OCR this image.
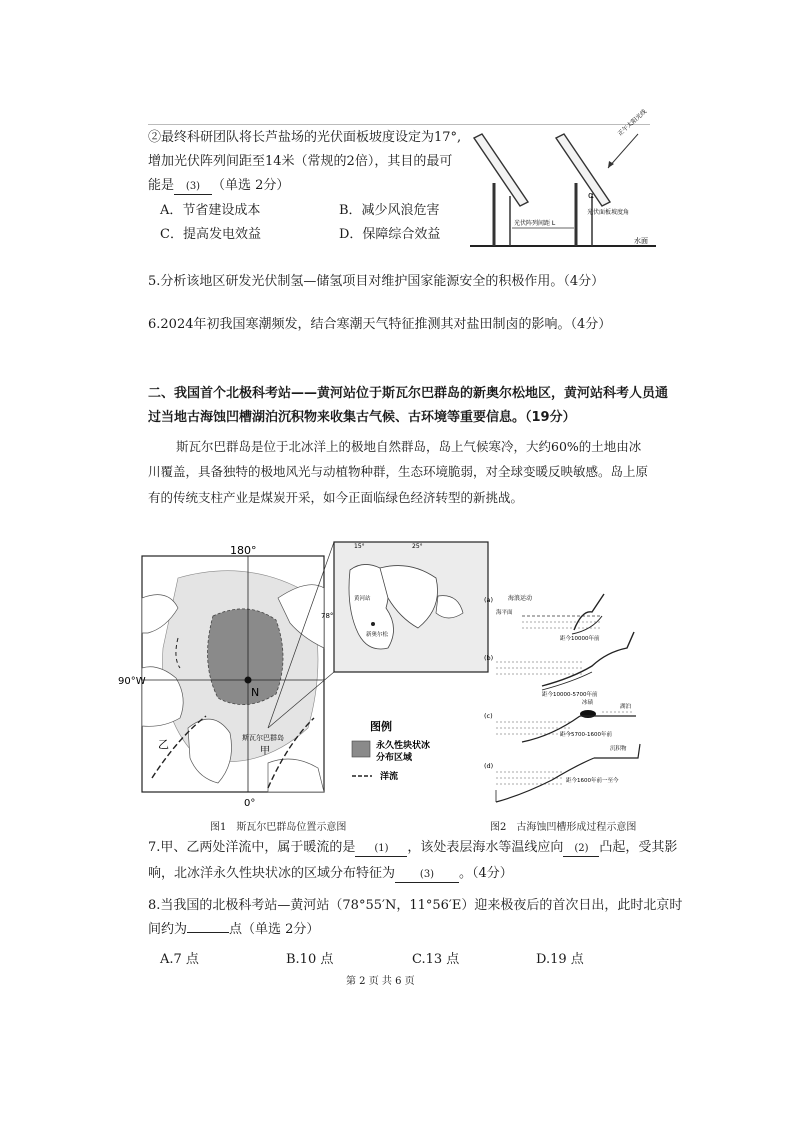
②最终科研团队将长芦盐场的光伏面板坡度设定为17°,
增加光伏阵列间距至14米（常规的2倍），其目的最可
能是 (3) （单选 2分）
A．节省建设成本	B．减少风浪危害
C．提高发电效益	D．保障综合效益
正午太阳光线
α
光伏面板坡度角
光伏阵列间距 L
水面
5.分析该地区研发光伏制氢—储氢项目对维护国家能源安全的积极作用。（4分）
6.2024年初我国寒潮频发，结合寒潮天气特征推测其对盐田制卤的影响。（4分）
二、我国首个北极科考站——黄河站位于斯瓦尔巴群岛的新奥尔松地区，黄河站科考人员通
过当地古海蚀凹槽湖泊沉积物来收集古气候、古环境等重要信息。（19分）
斯瓦尔巴群岛是位于北冰洋上的极地自然群岛，岛上气候寒冷，大约60%的土地由冰
川覆盖，具备独特的极地风光与动植物种群，生态环境脆弱，对全球变暖反映敏感。岛上原
有的传统支柱产业是煤炭开采，如今正面临绿色经济转型的新挑战。
N
180°
90°W
0°
斯瓦尔巴群岛
甲
乙
15°	25°
78°
黄河站
新奥尔松
图例
永久性块状冰
分布区域
洋流
(a) 海浪运动
海平面
距今10000年前
(b)
距今10000-5700年前
冰碛
湖泊
(c)
距今5700-1600年前
沉积物
(d)
距今1600年前一至今
图1　斯瓦尔巴群岛位置示意图	图2　古海蚀凹槽形成过程示意图
7.甲、乙两处洋流中，属于暖流的是 (1) ，该处表层海水等温线应向 (2) 凸起，受其影
响，北冰洋永久性块状冰的区域分布特征为 (3) 。（4分）
8.当我国的北极科考站—黄河站（78°55′N，11°56′E）迎来极夜后的首次日出，此时北京时
间约为	点（单选 2分）
A.7 点	B.10 点	C.13 点	D.19 点
第 2 页 共 6 页
